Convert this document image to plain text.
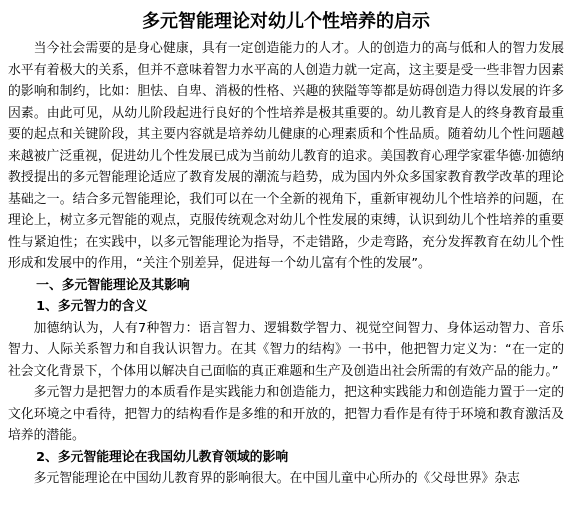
多元智能理论对幼儿个性培养的启示

当今社会需要的是身心健康，具有一定创造能力的人才。人的创造力的高与低和人的智力发展水平有着极大的关系，但并不意味着智力水平高的人创造力就一定高，这主要是受一些非智力因素的影响和制约，比如：胆怯、自卑、消极的性格、兴趣的狭隘等等都是妨碍创造力得以发展的许多因素。由此可见，从幼儿阶段起进行良好的个性培养是极其重要的。幼儿教育是人的终身教育最重要的起点和关键阶段，其主要内容就是培养幼儿健康的心理素质和个性品质。随着幼儿个性问题越来越被广泛重视，促进幼儿个性发展已成为当前幼儿教育的追求。美国教育心理学家霍华德·加德纳教授提出的多元智能理论适应了教育发展的潮流与趋势，成为国内外众多国家教育教学改革的理论基础之一。结合多元智能理论，我们可以在一个全新的视角下，重新审视幼儿个性培养的问题，在理论上，树立多元智能的观点，克服传统观念对幼儿个性发展的束缚，认识到幼儿个性培养的重要性与紧迫性；在实践中，以多元智能理论为指导，不走错路，少走弯路，充分发挥教育在幼儿个性形成和发展中的作用，“关注个别差异，促进每一个幼儿富有个性的发展”。

一、多元智能理论及其影响

1、多元智力的含义

加德纳认为，人有7种智力：语言智力、逻辑数学智力、视觉空间智力、身体运动智力、音乐智力、人际关系智力和自我认识智力。在其《智力的结构》一书中，他把智力定义为：“在一定的社会文化背景下，个体用以解决自己面临的真正难题和生产及创造出社会所需的有效产品的能力。”

多元智力是把智力的本质看作是实践能力和创造能力，把这种实践能力和创造能力置于一定的文化环境之中看待，把智力的结构看作是多维的和开放的，把智力看作是有待于环境和教育激活及培养的潜能。

2、多元智能理论在我国幼儿教育领域的影响

多元智能理论在中国幼儿教育界的影响很大。在中国儿童中心所办的《父母世界》杂志
